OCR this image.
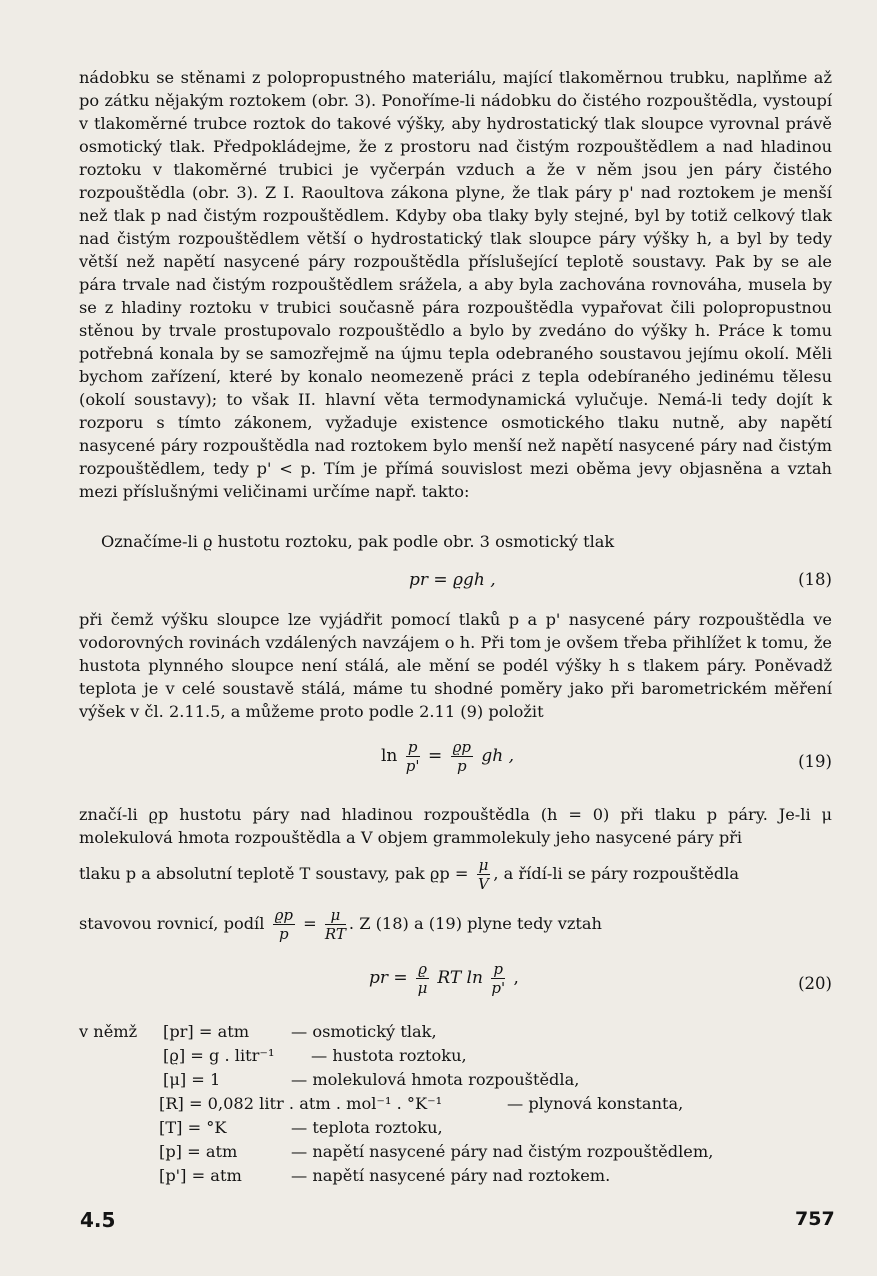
nádobku se stěnami z polopropustného materiálu, mající tlakoměrnou trubku, naplňme až po zátku nějakým roztokem (obr. 3). Ponoříme-li nádobku do čistého rozpouštědla, vystoupí v tlakoměrné trubce roztok do takové výšky, aby hydrostatický tlak sloupce vyrovnal právě osmotický tlak. Předpokládejme, že z prostoru nad čistým rozpouštědlem a nad hladinou roztoku v tlakoměrné trubici je vyčerpán vzduch a že v něm jsou jen páry čistého rozpouštědla (obr. 3). Z I. Raoultova zákona plyne, že tlak páry p' nad roztokem je menší než tlak p nad čistým rozpouštědlem. Kdyby oba tlaky byly stejné, byl by totiž celkový tlak nad čistým rozpouštědlem větší o hydrostatický tlak sloupce páry výšky h, a byl by tedy větší než napětí nasycené páry rozpouštědla příslušející teplotě soustavy. Pak by se ale pára trvale nad čistým rozpouštědlem srážela, a aby byla zachována rovnováha, musela by se z hladiny roztoku v trubici současně pára rozpouštědla vypařovat čili polopropustnou stěnou by trvale prostupovalo rozpouštědlo a bylo by zvedáno do výšky h. Práce k tomu potřebná konala by se samozřejmě na újmu tepla odebraného soustavou jejímu okolí. Měli bychom zařízení, které by konalo neomezeně práci z tepla odebíraného jedinému tělesu (okolí soustavy); to však II. hlavní věta termodynamická vylučuje. Nemá-li tedy dojít k rozporu s tímto zákonem, vyžaduje existence osmotického tlaku nutně, aby napětí nasycené páry rozpouštědla nad roztokem bylo menší než napětí nasycené páry nad čistým rozpouštědlem, tedy p' < p. Tím je přímá souvislost mezi oběma jevy objasněna a vztah mezi příslušnými veličinami určíme např. takto:

Označíme-li ϱ hustotu roztoku, pak podle obr. 3 osmotický tlak

pr = ϱgh ,	(18)

při čemž výšku sloupce lze vyjádřit pomocí tlaků p a p' nasycené páry rozpouštědla ve vodorovných rovinách vzdálených navzájem o h. Při tom je ovšem třeba přihlížet k tomu, že hustota plynného sloupce není stálá, ale mění se podél výšky h s tlakem páry. Poněvadž teplota je v celé soustavě stálá, máme tu shodné poměry jako při barometrickém měření výšek v čl. 2.11.5, a můžeme proto podle 2.11 (9) položit

$\ln \frac{p}{p'} = \frac{ϱp}{p}$ gh ,	(19)

značí-li ϱp hustotu páry nad hladinou rozpouštědla (h = 0) při tlaku p páry. Je-li μ molekulová hmota rozpouštědla a V objem grammolekuly jeho nasycené páry při

tlaku p a absolutní teplotě T soustavy, pak $ϱp = \frac{\mu}{V}$ , a řídí-li se páry rozpouštědla
stavovou rovnicí, podíl $\frac{ϱp}{p} = \frac{\mu}{RT}$ . Z (18) a (19) plyne tedy vztah
pr = $\frac{ϱ}{\mu}$ RT $\ln \frac{p}{p'}$ ,	(20)
v němž [pr] = atm	— osmotický tlak,
[ϱ] = g . litr⁻¹ — hustota roztoku,
[μ] = 1	— molekulová hmota rozpouštědla,
[R] = 0,082 litr . atm . mol⁻¹ . °K⁻¹	— plynová konstanta,
[T] = °K	— teplota roztoku,
[p] = atm	— napětí nasycené páry nad čistým rozpouštědlem,
[p'] = atm	— napětí nasycené páry nad roztokem.
4.5	757
